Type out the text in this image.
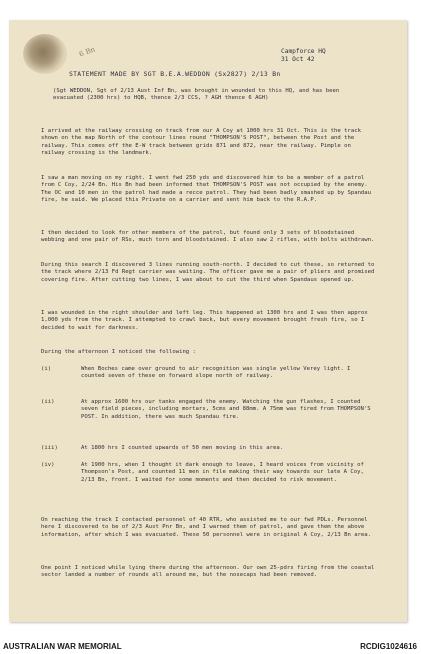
6 Bn	Campforce HQ
31 Oct 42
STATEMENT MADE BY SGT B.E.A.WEDDON (Sx2827) 2/13 Bn
(Sgt WEDDON, Sgt of 2/13 Aust Inf Bn, was brought in wounded to this HQ, and has been evacuated (2300 hrs) to HQB, thence 2/3 CCS, ? AGH thence 6 AGH)
I arrived at the railway crossing on track from our A Coy at 1000 hrs 31 Oct. This is the track shown on the map North of the contour lines round "THOMPSON'S POST", between the Post and the railway. This comes off the E-W track between grids 871 and 872, near the railway. Pimple on railway crossing is the landmark.
I saw a man moving on my right. I went fwd 250 yds and discovered him to be a member of a patrol from C Coy, 2/24 Bn. His Bn had been informed that THOMPSON'S POST was not occupied by the enemy. The OC and 10 men in the patrol had made a recce patrol. They had been badly smashed up by Spandau fire, he said. We placed this Private on a carrier and sent him back to the R.A.P.
I then decided to look for other members of the patrol, but found only 3 sets of bloodstained webbing and one pair of RSs, much torn and bloodstained. I also saw 2 rifles, with bolts withdrawn.
During this search I discovered 3 lines running south-north. I decided to cut these, so returned to the track where 2/13 Fd Regt carrier was waiting. The officer gave me a pair of pliers and promised covering fire. After cutting two lines, I was about to cut the third when Spandaus opened up.
I was wounded in the right shoulder and left leg. This happened at 1300 hrs and I was then approx 1,000 yds from the track. I attempted to crawl back, but every movement brought fresh fire, so I decided to wait for darkness.
During the afternoon I noticed the following :
(i)	When Boches came over ground to air recognition was single yellow Verey light. I counted seven of these on forward slope north of railway.
(ii)	At approx 1600 hrs our tanks engaged the enemy. Watching the gun flashes, I counted seven field pieces, including mortars, 5cms and 88mm. A 75mm was fired from THOMPSON'S POST. In addition, there was much Spandau fire.
(iii)	At 1800 hrs I counted upwards of 50 men moving in this area.
(iv)	At 1900 hrs, when I thought it dark enough to leave, I heard voices from vicinity of Thompson's Post, and counted 11 men in file making their way towards our late A Coy, 2/13 Bn, front. I waited for some moments and then decided to risk movement.
On reaching the track I contacted personnel of 40 RTR, who assisted me to our fwd PDLs. Personnel here I discovered to be of 2/3 Aust Pnr Bn, and I warned them of patrol, and gave them the above information, after which I was evacuated. These 50 personnel were in original A Coy, 2/13 Bn area.
One point I noticed while lying there during the afternoon. Our own 25-pdrs firing from the coastal sector landed a number of rounds all around me, but the nosecaps had been removed.
AUSTRALIAN WAR MEMORIAL	RCDIG1024616
